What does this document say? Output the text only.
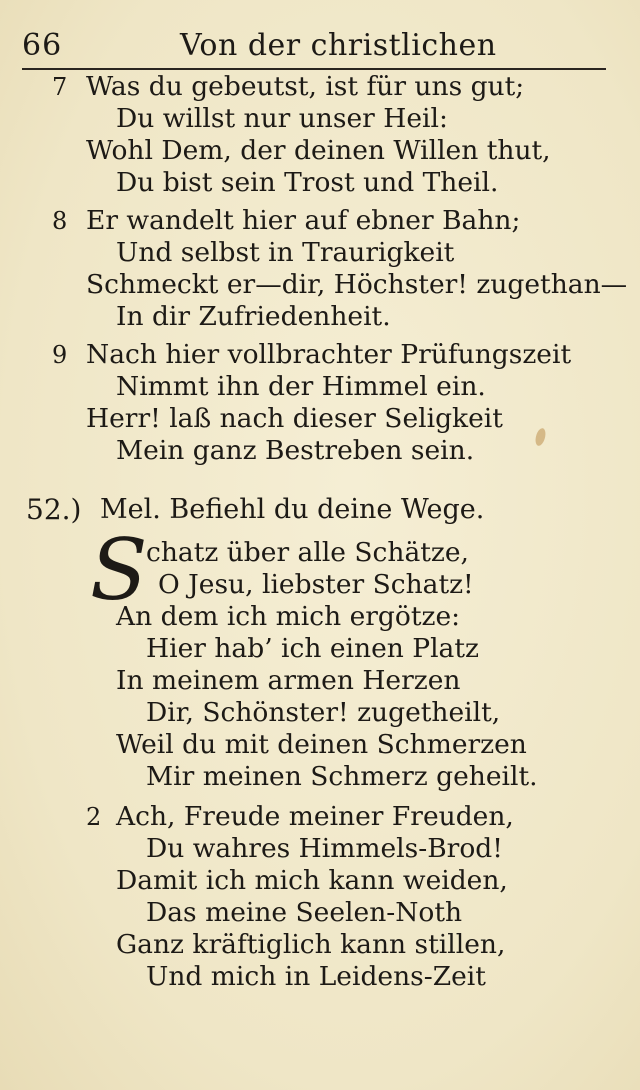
66	Von der christlichen
7 Was du gebeutst, ist für uns gut;
Du willst nur unser Heil:
Wohl Dem, der deinen Willen thut,
Du bist sein Trost und Theil.
8 Er wandelt hier auf ebner Bahn;
Und selbst in Traurigkeit
Schmeckt er—dir, Höchster! zugethan—
In dir Zufriedenheit.
9 Nach hier vollbrachter Prüfungszeit
Nimmt ihn der Himmel ein.
Herr! laß nach dieser Seligkeit
Mein ganz Bestreben sein.
52.) Mel. Befiehl du deine Wege.
S
chatz über alle Schätze,
O Jesu, liebster Schatz!
An dem ich mich ergötze:
Hier hab’ ich einen Platz
In meinem armen Herzen
Dir, Schönster! zugetheilt,
Weil du mit deinen Schmerzen
Mir meinen Schmerz geheilt.
2 Ach, Freude meiner Freuden,
Du wahres Himmels-Brod!
Damit ich mich kann weiden,
Das meine Seelen-Noth
Ganz kräftiglich kann stillen,
Und mich in Leidens-Zeit
